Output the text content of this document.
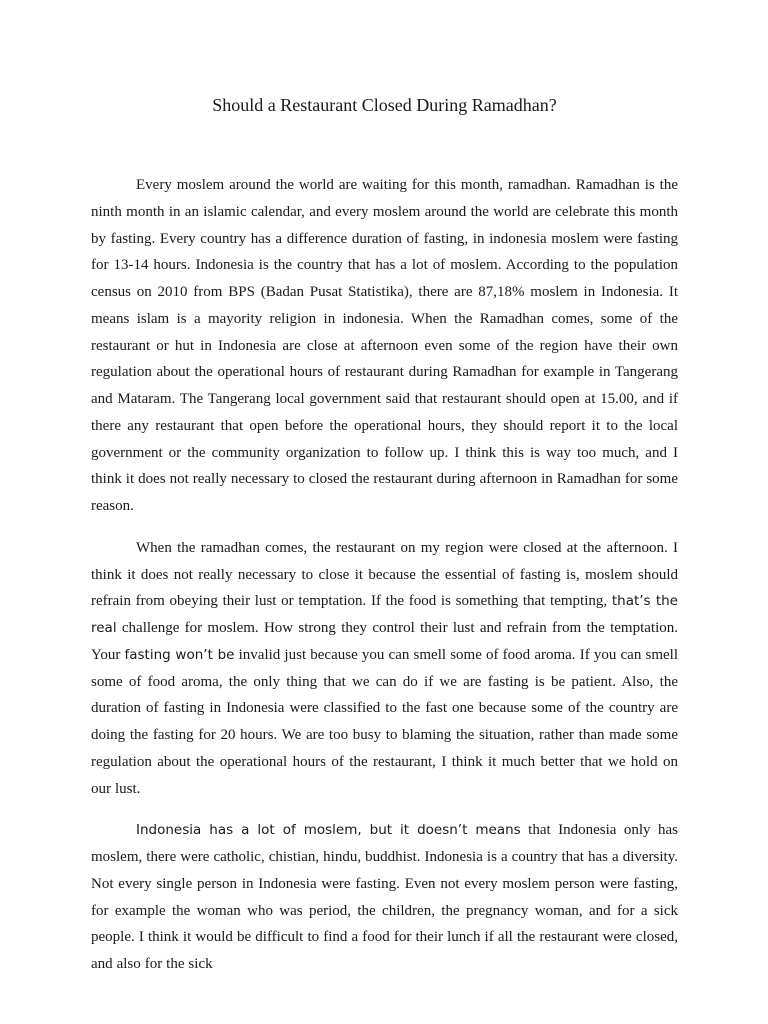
Should a Restaurant Closed During Ramadhan?

Every moslem around the world are waiting for this month, ramadhan. Ramadhan is the ninth month in an islamic calendar, and every moslem around the world are celebrate this month by fasting. Every country has a difference duration of fasting, in indonesia moslem were fasting for 13-14 hours. Indonesia is the country that has a lot of moslem. According to the population census on 2010 from BPS (Badan Pusat Statistika), there are 87,18% moslem in Indonesia. It means islam is a mayority religion in indonesia. When the Ramadhan comes, some of the restaurant or hut in Indonesia are close at afternoon even some of the region have their own regulation about the operational hours of restaurant during Ramadhan for example in Tangerang and Mataram. The Tangerang local government said that restaurant should open at 15.00, and if there any restaurant that open before the operational hours, they should report it to the local government or the community organization to follow up. I think this is way too much, and I think it does not really necessary to closed the restaurant during afternoon in Ramadhan for some reason.

When the ramadhan comes, the restaurant on my region were closed at the afternoon. I think it does not really necessary to close it because the essential of fasting is, moslem should refrain from obeying their lust or temptation. If the food is something that tempting, that’s the real challenge for moslem. How strong they control their lust and refrain from the temptation. Your fasting won’t be invalid just because you can smell some of food aroma. If you can smell some of food aroma, the only thing that we can do if we are fasting is be patient. Also, the duration of fasting in Indonesia were classified to the fast one because some of the country are doing the fasting for 20 hours. We are too busy to blaming the situation, rather than made some regulation about the operational hours of the restaurant, I think it much better that we hold on our lust.

Indonesia has a lot of moslem, but it doesn’t means that Indonesia only has moslem, there were catholic, chistian, hindu, buddhist. Indonesia is a country that has a diversity. Not every single person in Indonesia were fasting. Even not every moslem person were fasting, for example the woman who was period, the children, the pregnancy woman, and for a sick people. I think it would be difficult to find a food for their lunch if all the restaurant were closed, and also for the sick
